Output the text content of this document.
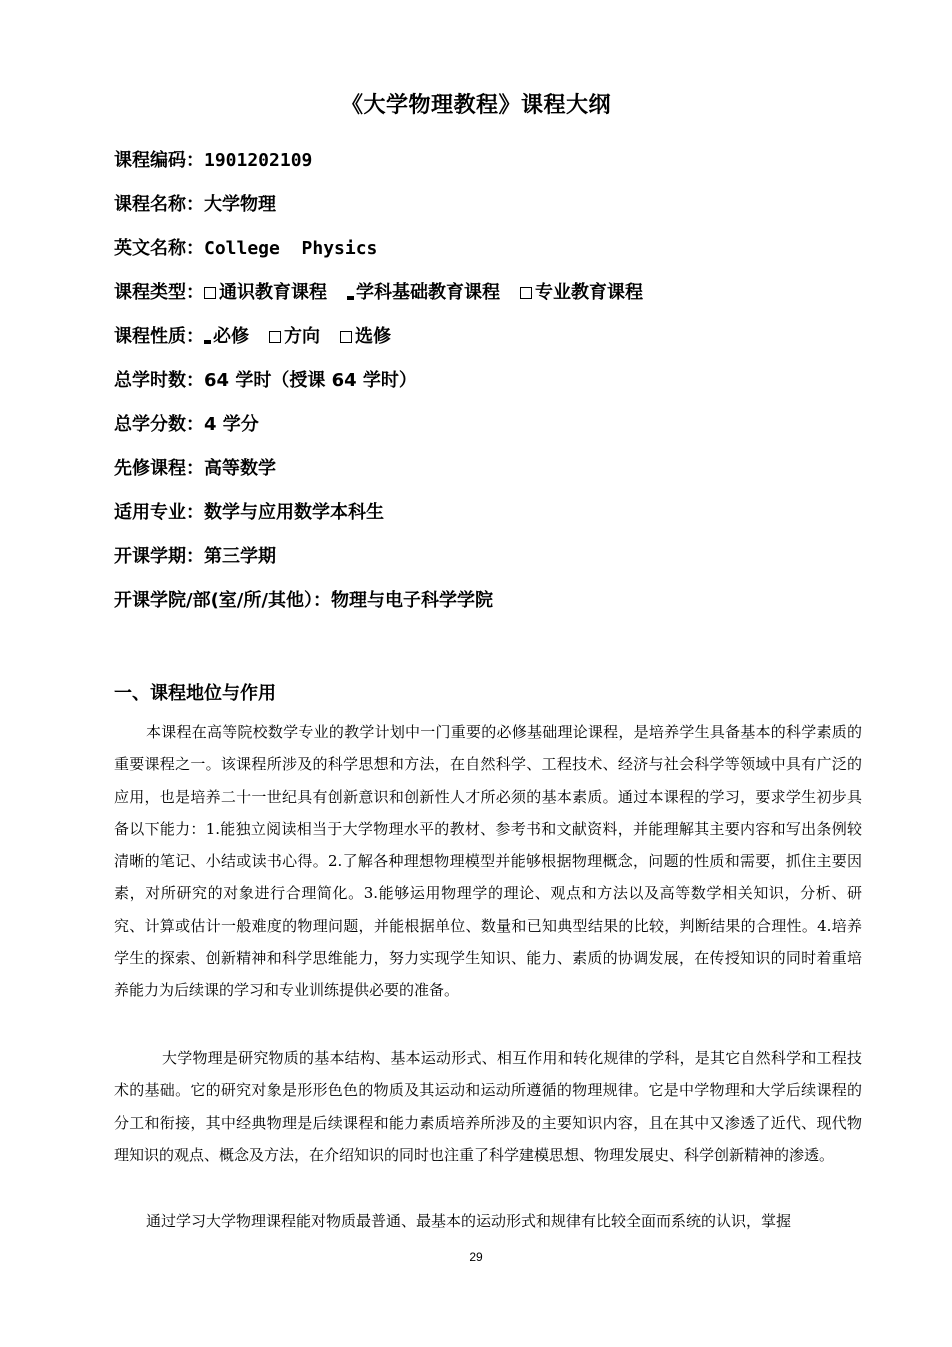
《大学物理教程》课程大纲
课程编码：1901202109
课程名称：大学物理
英文名称：College  Physics
课程类型： 通识教育课程 学科基础教育课程 专业教育课程
课程性质： 必修 方向 选修
总学时数：64 学时（授课 64 学时）
总学分数：4 学分
先修课程：高等数学
适用专业：数学与应用数学本科生
开课学期：第三学期
开课学院/部(室/所/其他）：物理与电子科学学院
一、课程地位与作用

本课程在高等院校数学专业的教学计划中一门重要的必修基础理论课程，是培养学生具备基本的科学素质的重要课程之一。该课程所涉及的科学思想和方法，在自然科学、工程技术、经济与社会科学等领域中具有广泛的应用，也是培养二十一世纪具有创新意识和创新性人才所必须的基本素质。通过本课程的学习，要求学生初步具备以下能力：1.能独立阅读相当于大学物理水平的教材、参考书和文献资料，并能理解其主要内容和写出条例较清晰的笔记、小结或读书心得。2.了解各种理想物理模型并能够根据物理概念，问题的性质和需要，抓住主要因素，对所研究的对象进行合理简化。3.能够运用物理学的理论、观点和方法以及高等数学相关知识，分析、研究、计算或估计一般难度的物理问题，并能根据单位、数量和已知典型结果的比较，判断结果的合理性。4.培养学生的探索、创新精神和科学思维能力，努力实现学生知识、能力、素质的协调发展，在传授知识的同时着重培养能力为后续课的学习和专业训练提供必要的准备。

大学物理是研究物质的基本结构、基本运动形式、相互作用和转化规律的学科，是其它自然科学和工程技术的基础。它的研究对象是形形色色的物质及其运动和运动所遵循的物理规律。它是中学物理和大学后续课程的分工和衔接，其中经典物理是后续课程和能力素质培养所涉及的主要知识内容，且在其中又渗透了近代、现代物理知识的观点、概念及方法，在介绍知识的同时也注重了科学建模思想、物理发展史、科学创新精神的渗透。

通过学习大学物理课程能对物质最普通、最基本的运动形式和规律有比较全面而系统的认识，掌握

29
